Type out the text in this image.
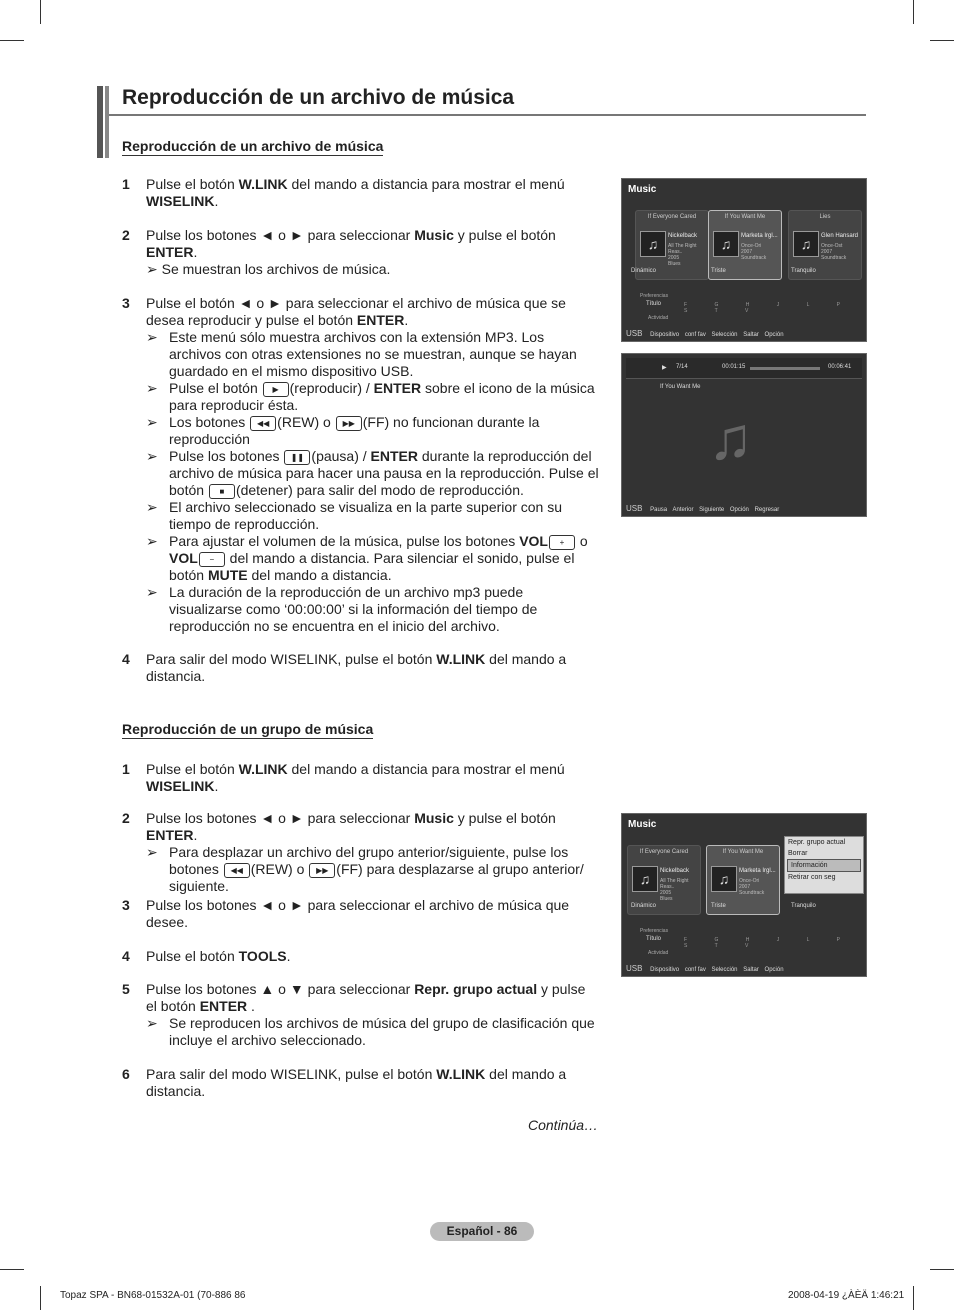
Reproducción de un archivo de música
Reproducción de un archivo de música
1 Pulse el botón W.LINK del mando a distancia para mostrar el menú WISELINK.
2 Pulse los botones ◄ o ► para seleccionar Music y pulse el botón ENTER.
➢ Se muestran los archivos de música.
3 Pulse el botón ◄ o ► para seleccionar el archivo de música que se desea reproducir y pulse el botón ENTER.
➢ Este menú sólo muestra archivos con la extensión MP3. Los archivos con otras extensiones no se muestran, aunque se hayan guardado en el mismo dispositivo USB.
➢ Pulse el botón ▶ (reproducir) / ENTER sobre el icono de la música para reproducir ésta.
➢ Los botones ◀◀ (REW) o ▶▶ (FF) no funcionan durante la reproducción
➢ Pulse los botones ❚❚ (pausa) / ENTER durante la reproducción del archivo de música para hacer una pausa en la reproducción. Pulse el botón ■ (detener) para salir del modo de reproducción.
➢ El archivo seleccionado se visualiza en la parte superior con su tiempo de reproducción.
➢ Para ajustar el volumen de la música, pulse los botones VOL + o VOL − del mando a distancia. Para silenciar el sonido, pulse el botón MUTE del mando a distancia.
➢ La duración de la reproducción de un archivo mp3 puede visualizarse como ‘00:00:00’ si la información del tiempo de reproducción no se encuentra en el inicio del archivo.
4 Para salir del modo WISELINK, pulse el botón W.LINK del mando a distancia.
Reproducción de un grupo de música
1 Pulse el botón W.LINK del mando a distancia para mostrar el menú WISELINK.
2 Pulse los botones ◄ o ► para seleccionar Music y pulse el botón ENTER.
➢ Para desplazar un archivo del grupo anterior/siguiente, pulse los botones ◀◀ (REW) o ▶▶ (FF) para desplazarse al grupo anterior/ siguiente.
3 Pulse los botones ◄ o ► para seleccionar el archivo de música que desee.
4 Pulse el botón TOOLS.
5 Pulse los botones ▲ o ▼ para seleccionar Repr. grupo actual y pulse el botón ENTER .
➢ Se reproducen los archivos de música del grupo de clasificación que incluye el archivo seleccionado.
6 Para salir del modo WISELINK, pulse el botón W.LINK del mando a distancia.
Continúa…
Español - 86
Topaz SPA - BN68-01532A-01 (70-886 86	2008-04-19 ¿ÀÈÄ 1:46:21
Music
If Everyone Cared
♫	Nickelback
All The Right Reas..
2005
Blues
If You Want Me
♫	Marketa Irgl...
Once-Ori
2007
Soundtrack
Lies
♫	Glen Hansard
Once-Ost
2007
Soundtrack
Dinámico	Triste	Tranquilo
Preferencias
Título	F G H J L P S T V
Actividad
USB Dispositivo conf fav Selección Saltar Opción
▶ 7/14	00:01:15	00:06:41
If You Want Me
♫
USB Pausa Anterior Siguiente Opción Regresar
Music
If Everyone Cared
♫	Nickelback
All The Right Reas..
2005
Blues
If You Want Me
♫	Marketa Irgl...
Once-Ori
2007
Soundtrack
Repr. grupo actual
Borrar
Información
Retirar con seg
Dinámico	Triste	Tranquilo
Preferencias
Título	F G H J L P S T V
Actividad
USB Dispositivo conf fav Selección Saltar Opción
